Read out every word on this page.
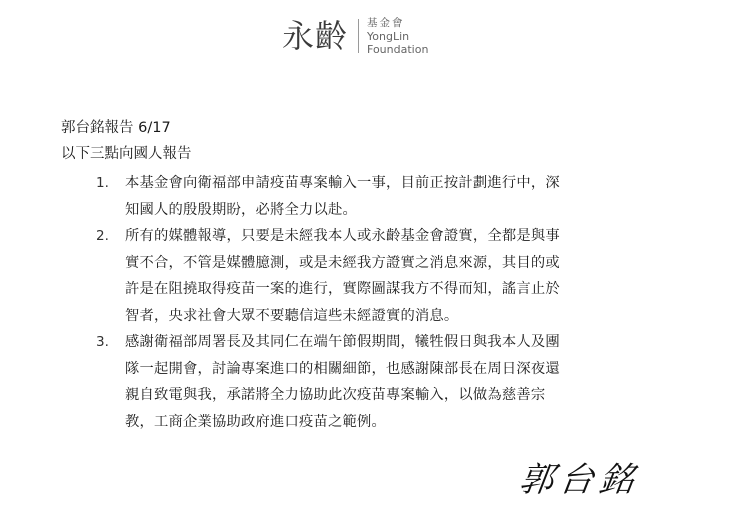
永齡 基金會
YongLin
Foundation
郭台銘報告 6/17
以下三點向國人報告
1.	本基金會向衛福部申請疫苗專案輸入一事，目前正按計劃進行中，深知國人的殷殷期盼，必將全力以赴。
2.	所有的媒體報導，只要是未經我本人或永齡基金會證實，全都是與事實不合，不管是媒體臆測，或是未經我方證實之消息來源，其目的或許是在阻撓取得疫苗一案的進行，實際圖謀我方不得而知，謠言止於智者，央求社會大眾不要聽信這些未經證實的消息。
3.	感謝衛福部周署長及其同仁在端午節假期間，犧牲假日與我本人及團隊一起開會，討論專案進口的相關細節，也感謝陳部長在周日深夜還親自致電與我，承諾將全力協助此次疫苗專案輸入，以做為慈善宗教，工商企業協助政府進口疫苗之範例。
郭台銘
